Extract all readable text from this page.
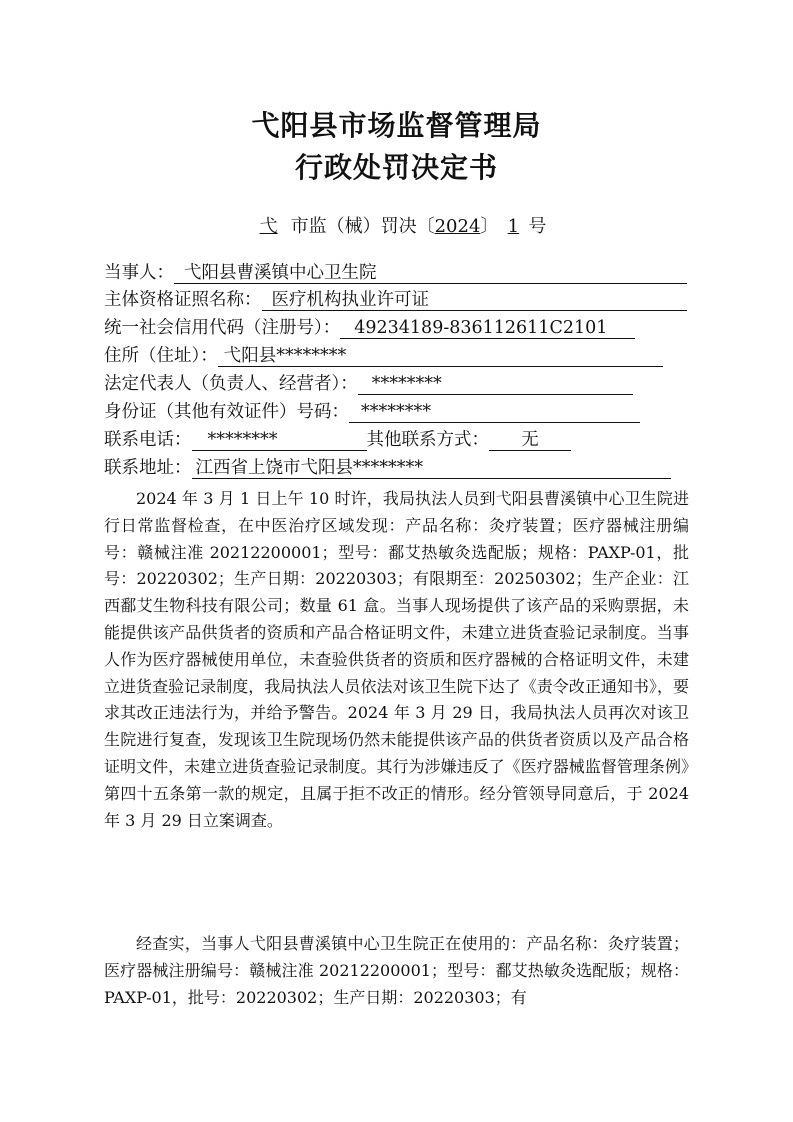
弋阳县市场监督管理局
行政处罚决定书
弋 市监（械）罚决〔2024〕 1 号
当事人： 弋阳县曹溪镇中心卫生院
主体资格证照名称： 医疗机构执业许可证
统一社会信用代码（注册号）： 49234189-836112611C2101
住所（住址）： 弋阳县********
法定代表人（负责人、经营者）： ********
身份证（其他有效证件）号码： ********
联系电话： ********	其他联系方式：	无
联系地址： 江西省上饶市弋阳县********

2024 年 3 月 1 日上午 10 时许，我局执法人员到弋阳县曹溪镇中心卫生院进行日常监督检查，在中医治疗区域发现：产品名称：灸疗装置；医疗器械注册编号：赣械注准 20212200001；型号：鄱艾热敏灸选配版；规格：PAXP-01，批号：20220302；生产日期：20220303；有限期至：20250302；生产企业：江西鄱艾生物科技有限公司；数量 61 盒。当事人现场提供了该产品的采购票据，未能提供该产品供货者的资质和产品合格证明文件，未建立进货查验记录制度。当事人作为医疗器械使用单位，未查验供货者的资质和医疗器械的合格证明文件，未建立进货查验记录制度，我局执法人员依法对该卫生院下达了《责令改正通知书》，要求其改正违法行为，并给予警告。2024 年 3 月 29 日，我局执法人员再次对该卫生院进行复查，发现该卫生院现场仍然未能提供该产品的供货者资质以及产品合格证明文件，未建立进货查验记录制度。其行为涉嫌违反了《医疗器械监督管理条例》第四十五条第一款的规定，且属于拒不改正的情形。经分管领导同意后，于 2024 年 3 月 29 日立案调查。

经查实，当事人弋阳县曹溪镇中心卫生院正在使用的：产品名称：灸疗装置；医疗器械注册编号：赣械注准 20212200001；型号：鄱艾热敏灸选配版；规格：PAXP-01，批号：20220302；生产日期：20220303；有
